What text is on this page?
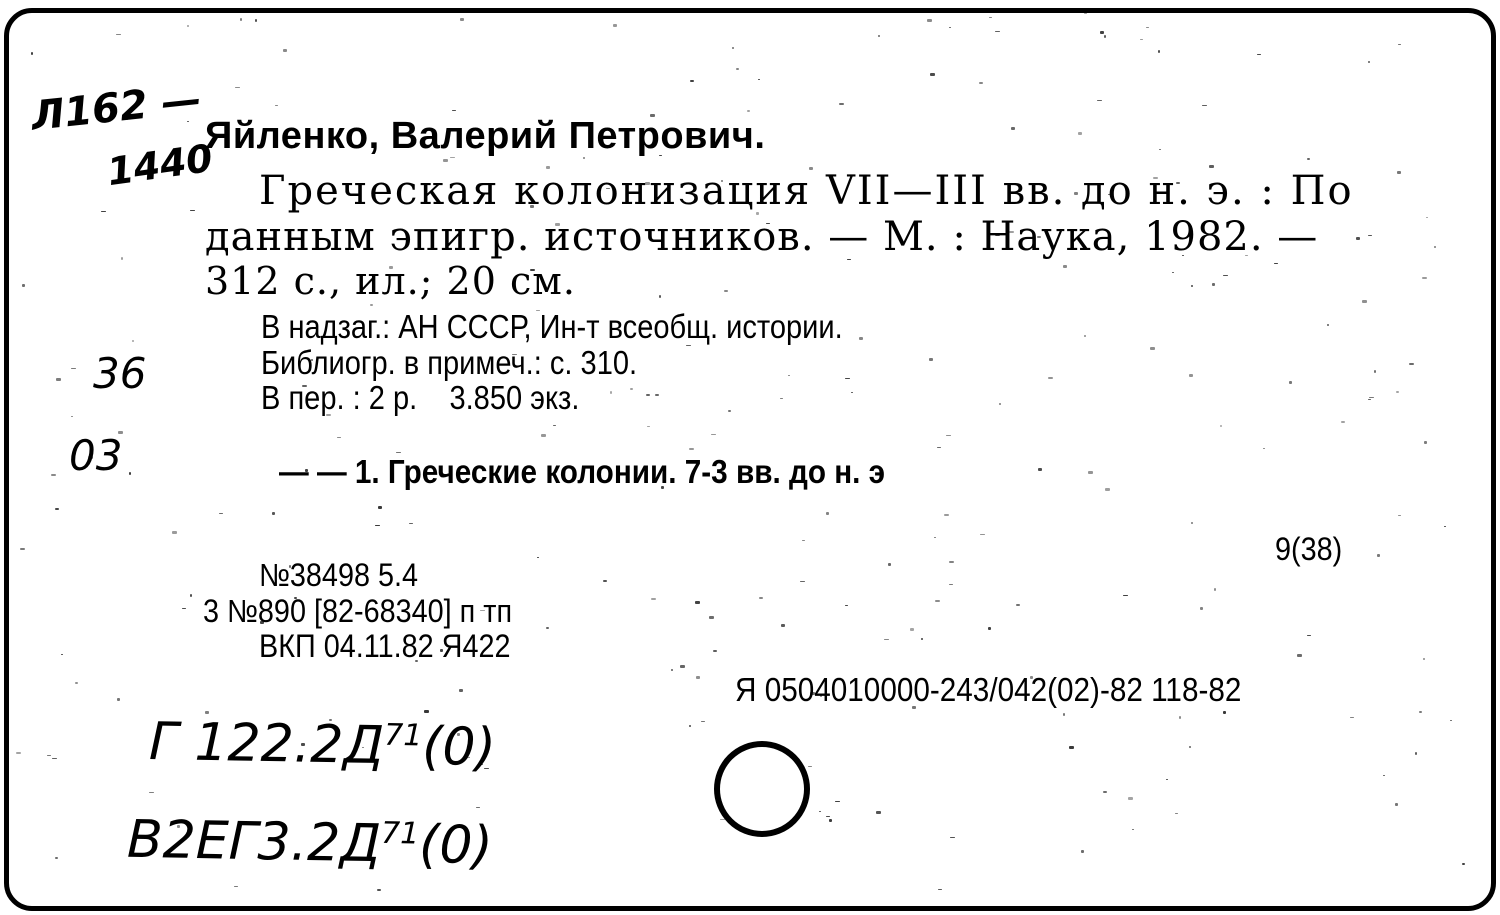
Л162 —
1440
Яйленко, Валерий Петрович.
Греческая колонизация VII—III вв. до н. э. : По
данным эпигр. источников. — М. : Наука, 1982. —
312 с., ил.; 20 см.
В надзаг.: АН СССР, Ин-т всеобщ. истории.
Библиогр. в примеч.: с. 310.
В пер. : 2 р.    3.850 экз.
36
03	— — 1. Греческие колонии. 7-3 вв. до н. э
9(38)
№38498 5.4
3 №890 [82-68340] п тп
ВКП 04.11.82 Я422
Я 0504010000-243/042(02)-82 118-82
Г $122.2Д^{71}(0)$
$В2ЕГ3.2Д^{71}(0)$
